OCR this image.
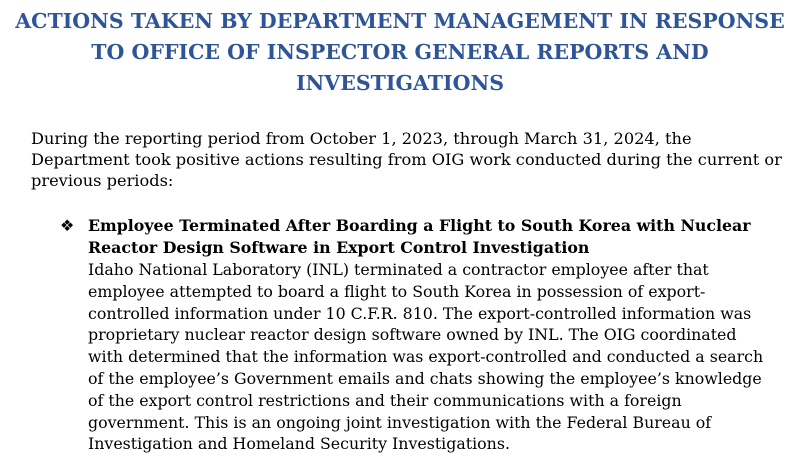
ACTIONS TAKEN BY DEPARTMENT MANAGEMENT IN RESPONSE
TO OFFICE OF INSPECTOR GENERAL REPORTS AND
INVESTIGATIONS
During the reporting period from October 1, 2023, through March 31, 2024, the
Department took positive actions resulting from OIG work conducted during the current or
previous periods:
❖ Employee Terminated After Boarding a Flight to South Korea with Nuclear
Reactor Design Software in Export Control Investigation
Idaho National Laboratory (INL) terminated a contractor employee after that
employee attempted to board a flight to South Korea in possession of export-
controlled information under 10 C.F.R. 810. The export-controlled information was
proprietary nuclear reactor design software owned by INL. The OIG coordinated
with determined that the information was export-controlled and conducted a search
of the employee’s Government emails and chats showing the employee’s knowledge
of the export control restrictions and their communications with a foreign
government. This is an ongoing joint investigation with the Federal Bureau of
Investigation and Homeland Security Investigations.
